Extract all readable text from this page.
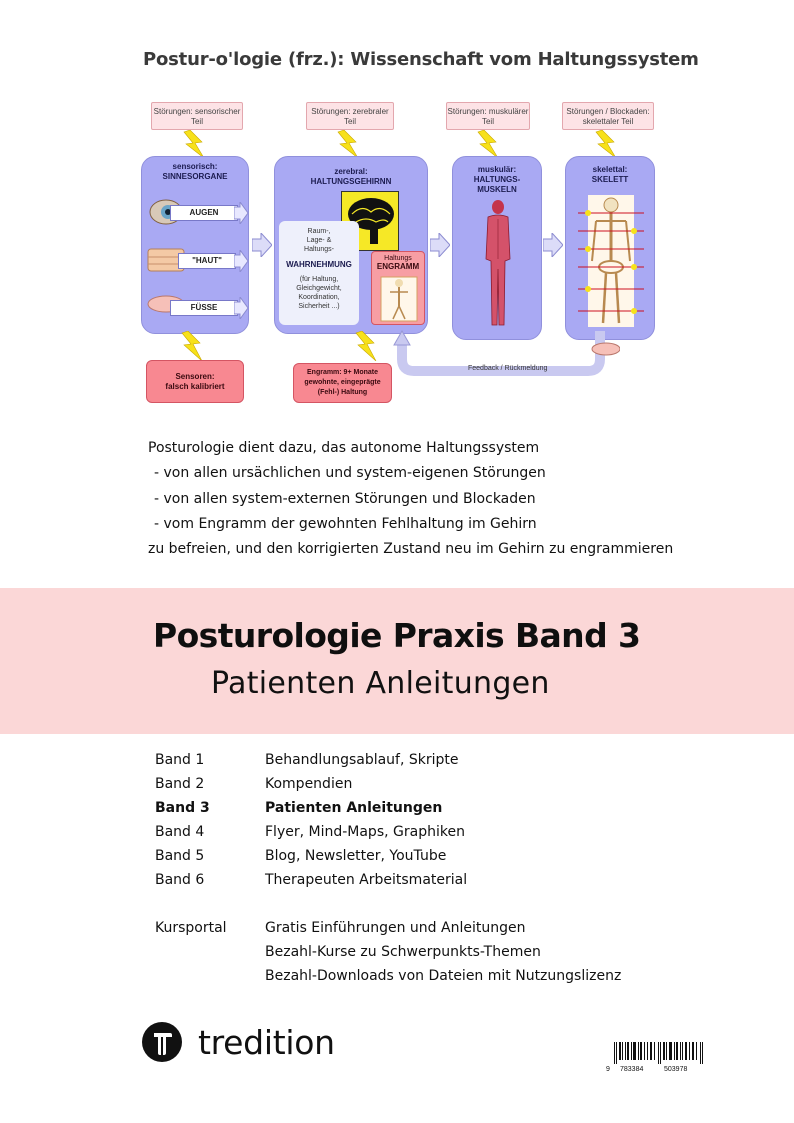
Postur-o'logie (frz.): Wissenschaft vom Haltungssystem
Störungen: sensorischer Teil
Störungen: zerebraler Teil
Störungen: muskulärer Teil
Störungen / Blockaden: skelettaler Teil
sensorisch:
SINNESORGANE
AUGEN
"HAUT"
FÜSSE
zerebral:
HALTUNGSGEHIRNN
Raum-,
Lage- &
Haltungs-
WAHRNEHMUNG
(für Haltung,
Gleichgewicht,
Koordination,
Sicherheit ...)
Haltungs
ENGRAMM
muskulär:
HALTUNGS-
MUSKELN
skelettal:
SKELETT
Feedback / Rückmeldung
Sensoren:
falsch kalibriert
Engramm: 9+ Monate
gewohnte, eingeprägte
(Fehl-) Haltung
Posturologie dient dazu, das autonome Haltungssystem
- von allen ursächlichen und system-eigenen Störungen
- von allen system-externen Störungen und Blockaden
- vom Engramm der gewohnten Fehlhaltung im Gehirn
zu befreien, und den korrigierten Zustand neu im Gehirn zu engrammieren
Posturologie Praxis Band 3
Patienten Anleitungen
Band 1	Behandlungsablauf, Skripte
Band 2	Kompendien
Band 3	Patienten Anleitungen
Band 4	Flyer, Mind-Maps, Graphiken
Band 5	Blog, Newsletter, YouTube
Band 6	Therapeuten Arbeitsmaterial
Kursportal	Gratis Einführungen und Anleitungen
Bezahl-Kurse zu Schwerpunkts-Themen
Bezahl-Downloads von Dateien mit Nutzungslizenz
tredition
9 783384	503978
